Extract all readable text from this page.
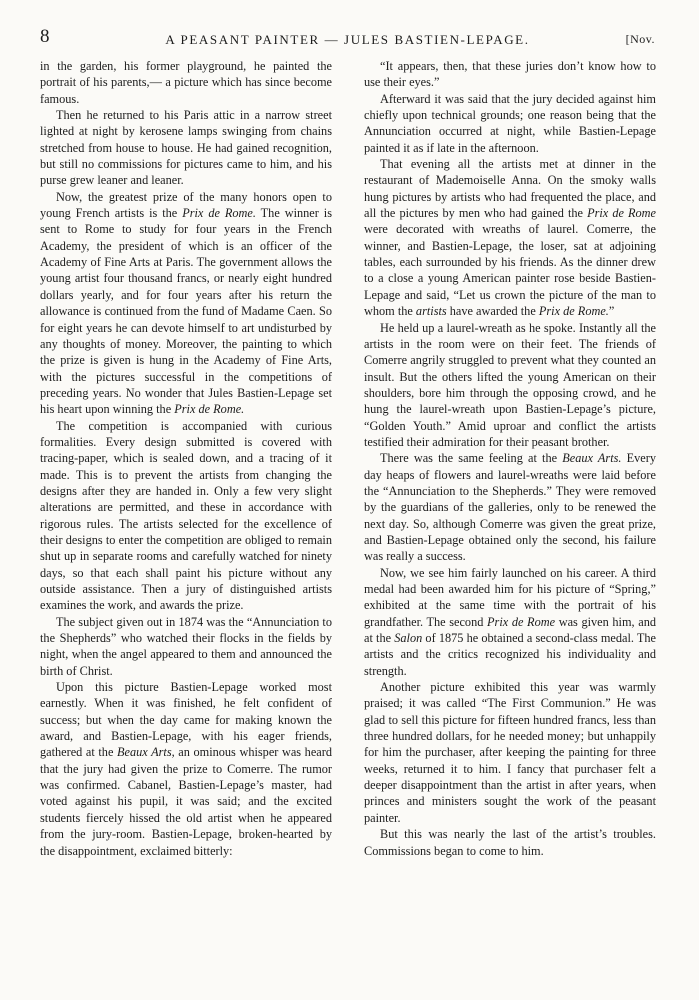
8	A PEASANT PAINTER — JULES BASTIEN-LEPAGE.	[Nov.

in the garden, his former playground, he painted the portrait of his parents,— a picture which has since become famous.

Then he returned to his Paris attic in a narrow street lighted at night by kerosene lamps swinging from chains stretched from house to house. He had gained recognition, but still no commissions for pictures came to him, and his purse grew leaner and leaner.

Now, the greatest prize of the many honors open to young French artists is the Prix de Rome. The winner is sent to Rome to study for four years in the French Academy, the president of which is an officer of the Academy of Fine Arts at Paris. The government allows the young artist four thousand francs, or nearly eight hundred dollars yearly, and for four years after his return the allowance is continued from the fund of Madame Caen. So for eight years he can devote himself to art undisturbed by any thoughts of money. Moreover, the painting to which the prize is given is hung in the Academy of Fine Arts, with the pictures successful in the competitions of preceding years. No wonder that Jules Bastien-Lepage set his heart upon winning the Prix de Rome.

The competition is accompanied with curious formalities. Every design submitted is covered with tracing-paper, which is sealed down, and a tracing of it made. This is to prevent the artists from changing the designs after they are handed in. Only a few very slight alterations are permitted, and these in accordance with rigorous rules. The artists selected for the excellence of their designs to enter the competition are obliged to remain shut up in separate rooms and carefully watched for ninety days, so that each shall paint his picture without any outside assistance. Then a jury of distinguished artists examines the work, and awards the prize.

The subject given out in 1874 was the “Annunciation to the Shepherds” who watched their flocks in the fields by night, when the angel appeared to them and announced the birth of Christ.

Upon this picture Bastien-Lepage worked most earnestly. When it was finished, he felt confident of success; but when the day came for making known the award, and Bastien-Lepage, with his eager friends, gathered at the Beaux Arts, an ominous whisper was heard that the jury had given the prize to Comerre. The rumor was confirmed. Cabanel, Bastien-Lepage’s master, had voted against his pupil, it was said; and the excited students fiercely hissed the old artist when he appeared from the jury-room. Bastien-Lepage, broken-hearted by the disappointment, exclaimed bitterly:

“It appears, then, that these juries don’t know how to use their eyes.”

Afterward it was said that the jury decided against him chiefly upon technical grounds; one reason being that the Annunciation occurred at night, while Bastien-Lepage painted it as if late in the afternoon.

That evening all the artists met at dinner in the restaurant of Mademoiselle Anna. On the smoky walls hung pictures by artists who had frequented the place, and all the pictures by men who had gained the Prix de Rome were decorated with wreaths of laurel. Comerre, the winner, and Bastien-Lepage, the loser, sat at adjoining tables, each surrounded by his friends. As the dinner drew to a close a young American painter rose beside Bastien-Lepage and said, “Let us crown the picture of the man to whom the artists have awarded the Prix de Rome.”

He held up a laurel-wreath as he spoke. Instantly all the artists in the room were on their feet. The friends of Comerre angrily struggled to prevent what they counted an insult. But the others lifted the young American on their shoulders, bore him through the opposing crowd, and he hung the laurel-wreath upon Bastien-Lepage’s picture, “Golden Youth.” Amid uproar and conflict the artists testified their admiration for their peasant brother.

There was the same feeling at the Beaux Arts. Every day heaps of flowers and laurel-wreaths were laid before the “Annunciation to the Shepherds.” They were removed by the guardians of the galleries, only to be renewed the next day. So, although Comerre was given the great prize, and Bastien-Lepage obtained only the second, his failure was really a success.

Now, we see him fairly launched on his career. A third medal had been awarded him for his picture of “Spring,” exhibited at the same time with the portrait of his grandfather. The second Prix de Rome was given him, and at the Salon of 1875 he obtained a second-class medal. The artists and the critics recognized his individuality and strength.

Another picture exhibited this year was warmly praised; it was called “The First Communion.” He was glad to sell this picture for fifteen hundred francs, less than three hundred dollars, for he needed money; but unhappily for him the purchaser, after keeping the painting for three weeks, returned it to him. I fancy that purchaser felt a deeper disappointment than the artist in after years, when princes and ministers sought the work of the peasant painter.

But this was nearly the last of the artist’s troubles. Commissions began to come to him.
